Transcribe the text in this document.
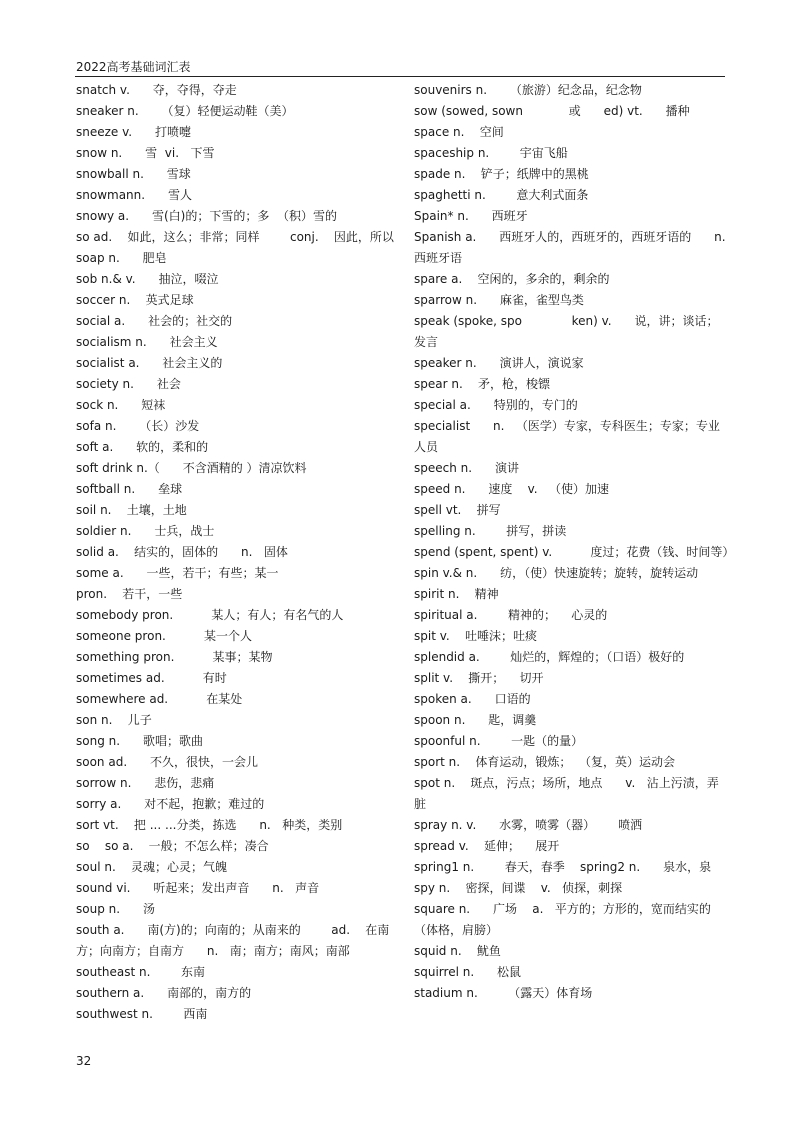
2022高考基础词汇表
snatch v.      夺，夺得，夺走
sneaker n.      （复）轻便运动鞋（美）
sneeze v.      打喷嚏
snow n.      雪  vi.   下雪
snowball n.      雪球
snowmann.      雪人
snowy a.      雪(白)的；下雪的；多  （积）雪的
so ad.    如此，这么；非常；同样        conj.    因此，所以
soap n.      肥皂
sob n.& v.      抽泣，啜泣
soccer n.    英式足球
social a.      社会的；社交的
socialism n.      社会主义
socialist a.      社会主义的
society n.      社会
sock n.      短袜
sofa n.      （长）沙发
soft a.      软的，柔和的
soft drink n.（      不含酒精的 ）清凉饮料
softball n.      垒球
soil n.    土壤，土地
soldier n.      士兵，战士
solid a.    结实的，固体的      n.   固体
some a.      一些，若干；有些；某一
pron.    若干，一些
somebody pron.          某人；有人；有名气的人
someone pron.          某一个人
something pron.          某事；某物
sometimes ad.          有时
somewhere ad.          在某处
son n.    儿子
song n.      歌唱；歌曲
soon ad.      不久，很快，一会儿
sorrow n.      悲伤，悲痛
sorry a.      对不起，抱歉；难过的
sort vt.    把 ... ...分类，拣选      n.   种类，类别
so    so a.    一般；不怎么样；凑合
soul n.    灵魂；心灵；气魄
sound vi.      听起来；发出声音      n.   声音
soup n.      汤
south a.      南(方)的；向南的；从南来的        ad.    在南方；向南方；自南方      n.   南；南方；南风；南部
southeast n.        东南
southern a.      南部的，南方的
southwest n.        西南
souvenirs n.      （旅游）纪念品，纪念物
sow (sowed, sown            或      ed) vt.      播种
space n.    空间
spaceship n.        宇宙飞船
spade n.    铲子；纸牌中的黑桃
spaghetti n.        意大利式面条
Spain* n.      西班牙
Spanish a.      西班牙人的，西班牙的，西班牙语的      n.   西班牙语
spare a.    空闲的，多余的，剩余的
sparrow n.      麻雀，雀型鸟类
speak (spoke, spo             ken) v.      说，讲；谈话；发言
speaker n.      演讲人，演说家
spear n.    矛，枪，梭镖
special a.      特别的，专门的
specialist      n.   （医学）专家，专科医生；专家；专业人员
speech n.      演讲
speed n.      速度    v.   （使）加速
spell vt.    拼写
spelling n.        拼写，拼读
spend (spent, spent) v.          度过；花费（钱、时间等）
spin v.& n.      纺，（使）快速旋转；旋转，旋转运动
spirit n.    精神
spiritual a.        精神的；    心灵的
spit v.    吐唾沫；吐痰
splendid a.        灿烂的，辉煌的；（口语）极好的
split v.    撕开；    切开
spoken a.      口语的
spoon n.      匙，调羹
spoonful n.        一匙（的量）
sport n.    体育运动，锻炼；  （复，英）运动会
spot n.    斑点，污点；场所，地点      v.   沾上污渍，弄脏
spray n. v.      水雾，喷雾（器）      喷洒
spread v.    延伸；    展开
spring1 n.        春天，春季    spring2 n.      泉水，泉
spy n.    密探，间谍    v.   侦探，刺探
square n.      广场    a.   平方的；方形的，宽而结实的（体格，肩膀）
squid n.    鱿鱼
squirrel n.      松鼠
stadium n.        （露天）体育场
32
